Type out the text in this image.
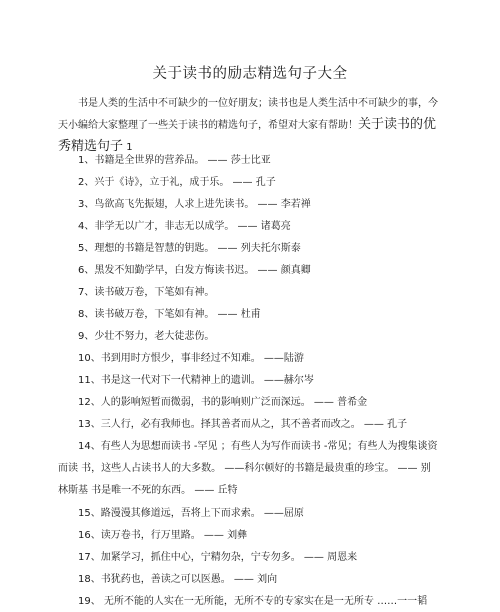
关于读书的励志精选句子大全
书是人类的生活中不可缺少的一位好朋友；读书也是人类生活中不可缺少的事，今
天小编给大家整理了一些关于读书的精选句子，希望对大家有帮助！关于读书的优
秀精选句子 1
1、书籍是全世界的营养品。 —— 莎士比亚
2、兴于《诗》，立于礼，成于乐。 —— 孔子
3、鸟欲高飞先振翅，人求上进先读书。 —— 李若禅
4、非学无以广才，非志无以成学。 —— 诸葛亮
5、理想的书籍是智慧的钥匙。 —— 列夫托尔斯泰
6、黑发不知勤学早，白发方悔读书迟。 —— 颜真卿
7、读书破万卷，下笔如有神。
8、读书破万卷，下笔如有神。 —— 杜甫
9、少壮不努力，老大徒悲伤。
10、书到用时方恨少，事非经过不知难。 ——陆游
11、书是这一代对下一代精神上的遗训。 ——赫尔岑
12、人的影响短暂而微弱，书的影响则广泛而深远。 —— 普希金
13、三人行，必有我师也。择其善者而从之，其不善者而改之。 —— 孔子
14、有些人为思想而读书 -罕见 ；有些人为写作而读书 -常见；有些人为搜集谈资
而读 书，这些人占读书人的大多数。 ——科尔顿好的书籍是最贵重的珍宝。 —— 别
林斯基 书是唯一不死的东西。 —— 丘特
15、路漫漫其修道远，吾将上下而求索。 ——屈原
16、读万卷书，行万里路。 —— 刘彝
17、加紧学习，抓住中心，宁精勿杂，宁专勿多。 —— 周恩来
18、书犹药也，善读之可以医愚。 —— 刘向
19、 无所不能的人实在一无所能，无所不专的专家实在是一无所专 ……一一韬
